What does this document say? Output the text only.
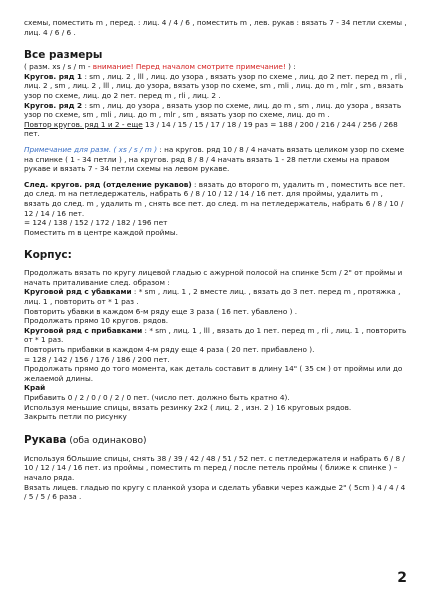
схемы, поместить m , перед. : лиц. 4 / 4 / 6 , поместить m , лев. рукав : вязать 7 - 34 петли схемы , лиц. 4 / 6 / 6 .

Все размеры

( разм. xs / s / m - внимание! Перед началом смотрите примечание! ) :

Кругов. ряд 1 : sm , лиц. 2 , lll , лиц. до узора , вязать узор по схеме , лиц. до 2 пет. перед m , rli , лиц. 2 , sm , лиц. 2 , lll , лиц. до узора, вязать узор по схеме, sm , mli , лиц. до m , mlr , sm , вязать узор по схеме, лиц. до 2 пет. перед m , rli , лиц. 2 .

Кругов. ряд 2 : sm , лиц. до узора , вязать узор по схеме, лиц. до m , sm , лиц. до узора , вязать узор по схеме, sm , mli , лиц. до m , mlr , sm , вязать узор по схеме, лиц. до m .

Повтор кругов. ряд 1 и 2 - еще 13 / 14 / 15 / 15 / 17 / 18 / 19 раз = 188 / 200 / 216 / 244 / 256 / 268 пет.

Примечание для разм. ( xs / s / m ) : на кругов. ряд 10 / 8 / 4 начать вязать целиком узор по схеме на спинке ( 1 - 34 петли ) , на кругов. ряд 8 / 8 / 4 начать вязать 1 - 28 петли схемы на правом рукаве и вязать 7 - 34 петли схемы на левом рукаве.

След. кругов. ряд (отделение рукавов) : вязать до второго m, удалить m , поместить все пет. до след. m на петледержатель, набрать 6 / 8 / 10 / 12 / 14 / 16 пет. для проймы, удалить m , вязать до след. m , удалить m , снять все пет. до след. m на петледержатель, набрать 6 / 8 / 10 / 12 / 14 / 16 пет.

= 124 / 138 / 152 / 172 / 182 / 196 пет

Поместить m в центре каждой проймы.

Корпус:

Продолжать вязать по кругу лицевой гладью с ажурной полосой на спинке 5cm / 2" от проймы и начать приталивание след. образом :

Круговой ряд с убавками : * sm , лиц. 1 , 2 вместе лиц. , вязать до 3 пет. перед m , протяжка , лиц. 1 , повторить от * 1 раз .

Повторить убавки в каждом 6-м ряду еще 3 раза ( 16 пет. убавлено ) .

Продолжать прямо 10 кругов. рядов.

Круговой ряд с прибавками : * sm , лиц. 1 , lll , вязать до 1 пет. перед m , rli , лиц. 1 , повторить от * 1 раз.

Повторить прибавки в каждом 4-м ряду еще 4 раза ( 20 пет. прибавлено ).

= 128 / 142 / 156 / 176 / 186 / 200 пет.

Продолжать прямо до того момента, как деталь составит в длину 14" ( 35 см ) от проймы или до желаемой длины.

Край

Прибавить 0 / 2 / 0 / 0 / 2 / 0 пет. (число пет. должно быть кратно 4).

Используя меньшие спицы, вязать резинку 2х2 ( лиц. 2 , изн. 2 ) 16 круговых рядов.

Закрыть петли по рисунку

Рукава (оба одинаково)

Используя бОльшие спицы, снять 38 / 39 / 42 / 48 / 51 / 52 пет. с петледержателя и набрать 6 / 8 / 10 / 12 / 14 / 16 пет. из проймы , поместить m перед / после петель проймы ( ближе к спинке ) – начало ряда.

Вязать лицев. гладью по кругу с планкой узора и сделать убавки через каждые 2" ( 5cm ) 4 / 4 / 4 / 5 / 5 / 6 раза .

2
